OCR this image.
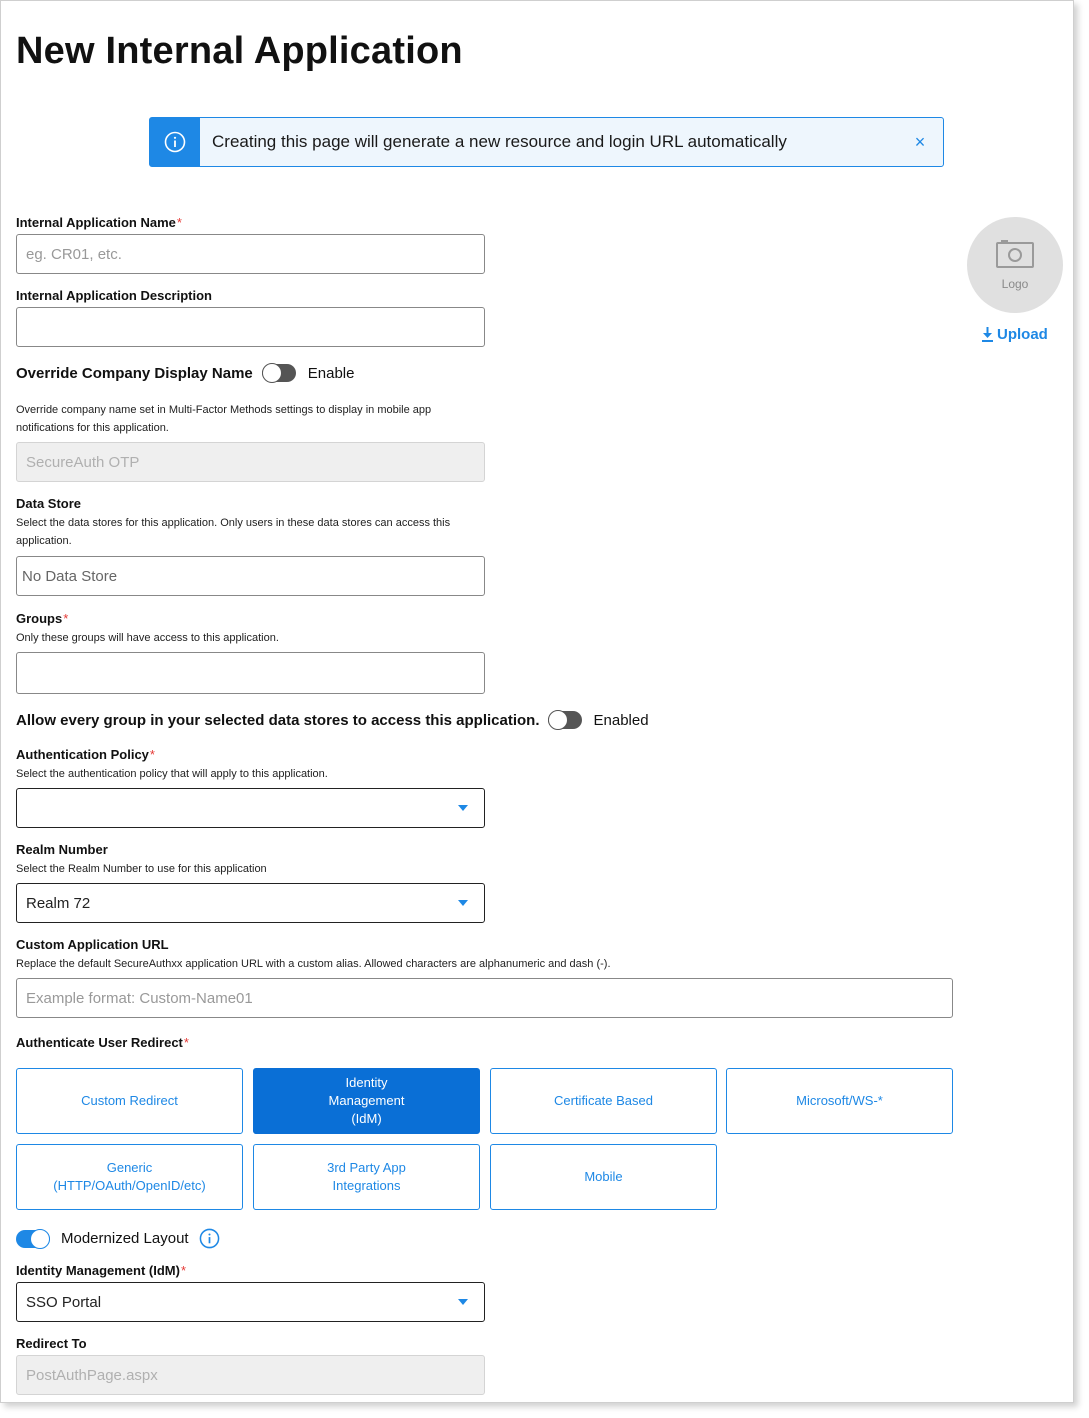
New Internal Application
Creating this page will generate a new resource and login URL automatically	×
Logo
Upload
Internal Application Name*
eg. CR01, etc.
Internal Application Description
Override Company Display Name	Enable
Override company name set in Multi-Factor Methods settings to display in mobile app notifications for this application.
SecureAuth OTP
Data Store
Select the data stores for this application. Only users in these data stores can access this application.
No Data Store
Groups*
Only these groups will have access to this application.
Allow every group in your selected data stores to access this application.	Enabled
Authentication Policy*
Select the authentication policy that will apply to this application.
Realm Number
Select the Realm Number to use for this application
Realm 72
Custom Application URL
Replace the default SecureAuthxx application URL with a custom alias. Allowed characters are alphanumeric and dash (-).
Example format: Custom-Name01
Authenticate User Redirect*
Custom Redirect
Identity
Management
(IdM)
Certificate Based	Microsoft/WS-*
Generic
(HTTP/OAuth/OpenID/etc)
3rd Party App
Integrations
Mobile
Modernized Layout
Identity Management (IdM)*
SSO Portal
Redirect To
PostAuthPage.aspx
